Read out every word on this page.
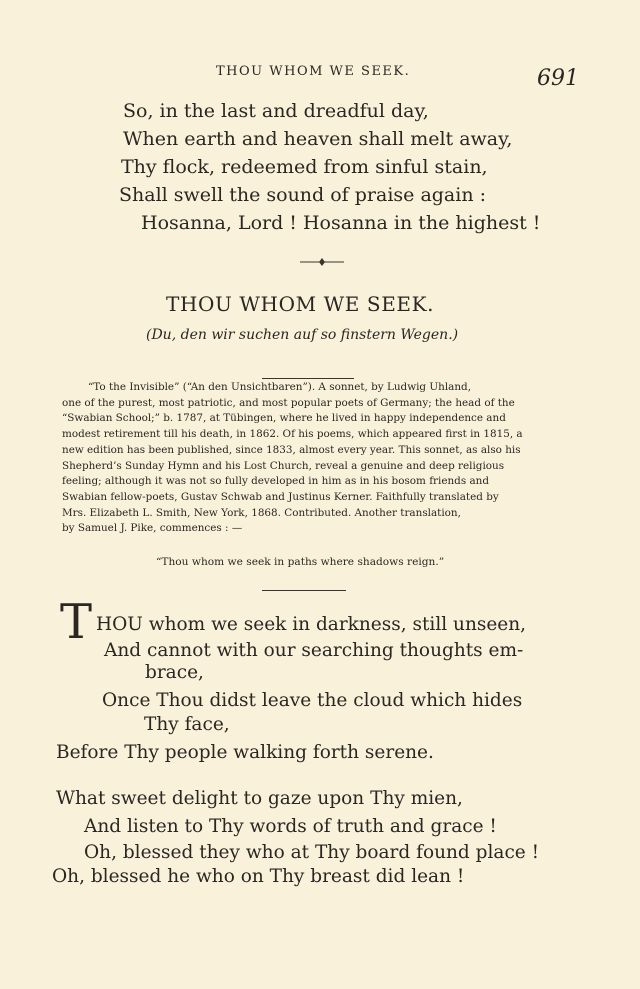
THOU WHOM WE SEEK.	691
So, in the last and dreadful day,
When earth and heaven shall melt away,
Thy flock, redeemed from sinful stain,
Shall swell the sound of praise again :
Hosanna, Lord ! Hosanna in the highest !
THOU WHOM WE SEEK.
(Du, den wir suchen auf so finstern Wegen.)

“To the Invisible” (“An den Unsichtbaren”). A sonnet, by Ludwig Uhland,

one of the purest, most patriotic, and most popular poets of Germany; the head of the

“Swabian School;” b. 1787, at Tübingen, where he lived in happy independence and

modest retirement till his death, in 1862. Of his poems, which appeared first in 1815, a

new edition has been published, since 1833, almost every year. This sonnet, as also his

Shepherd’s Sunday Hymn and his Lost Church, reveal a genuine and deep religious

feeling; although it was not so fully developed in him as in his bosom friends and

Swabian fellow-poets, Gustav Schwab and Justinus Kerner. Faithfully translated by

Mrs. Elizabeth L. Smith, New York, 1868. Contributed. Another translation,

by Samuel J. Pike, commences : —

“Thou whom we seek in paths where shadows reign.”
T HOU whom we seek in darkness, still unseen,
And cannot with our searching thoughts em-
brace,
Once Thou didst leave the cloud which hides
Thy face,
Before Thy people walking forth serene.
What sweet delight to gaze upon Thy mien,
And listen to Thy words of truth and grace !
Oh, blessed they who at Thy board found place !
Oh, blessed he who on Thy breast did lean !
